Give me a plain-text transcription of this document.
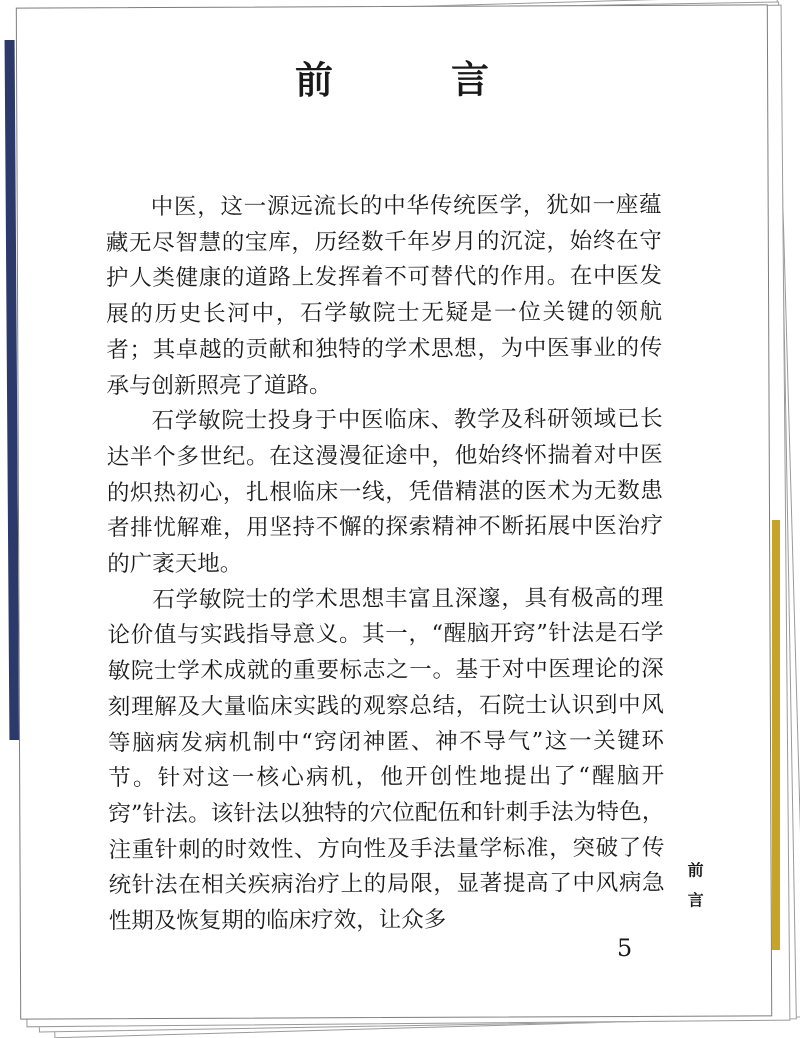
前　言

中医，这一源远流长的中华传统医学，犹如一座蕴藏无尽智慧的宝库，历经数千年岁月的沉淀，始终在守护人类健康的道路上发挥着不可替代的作用。在中医发展的历史长河中，石学敏院士无疑是一位关键的领航者；其卓越的贡献和独特的学术思想，为中医事业的传承与创新照亮了道路。

石学敏院士投身于中医临床、教学及科研领域已长达半个多世纪。在这漫漫征途中，他始终怀揣着对中医的炽热初心，扎根临床一线，凭借精湛的医术为无数患者排忧解难，用坚持不懈的探索精神不断拓展中医治疗的广袤天地。

石学敏院士的学术思想丰富且深邃，具有极高的理论价值与实践指导意义。其一，“醒脑开窍”针法是石学敏院士学术成就的重要标志之一。基于对中医理论的深刻理解及大量临床实践的观察总结，石院士认识到中风等脑病发病机制中“窍闭神匿、神不导气”这一关键环节。针对这一核心病机，他开创性地提出了“醒脑开窍”针法。该针法以独特的穴位配伍和针刺手法为特色，注重针刺的时效性、方向性及手法量学标准，突破了传统针法在相关疾病治疗上的局限，显著提高了中风病急性期及恢复期的临床疗效，让众多

前言
5
